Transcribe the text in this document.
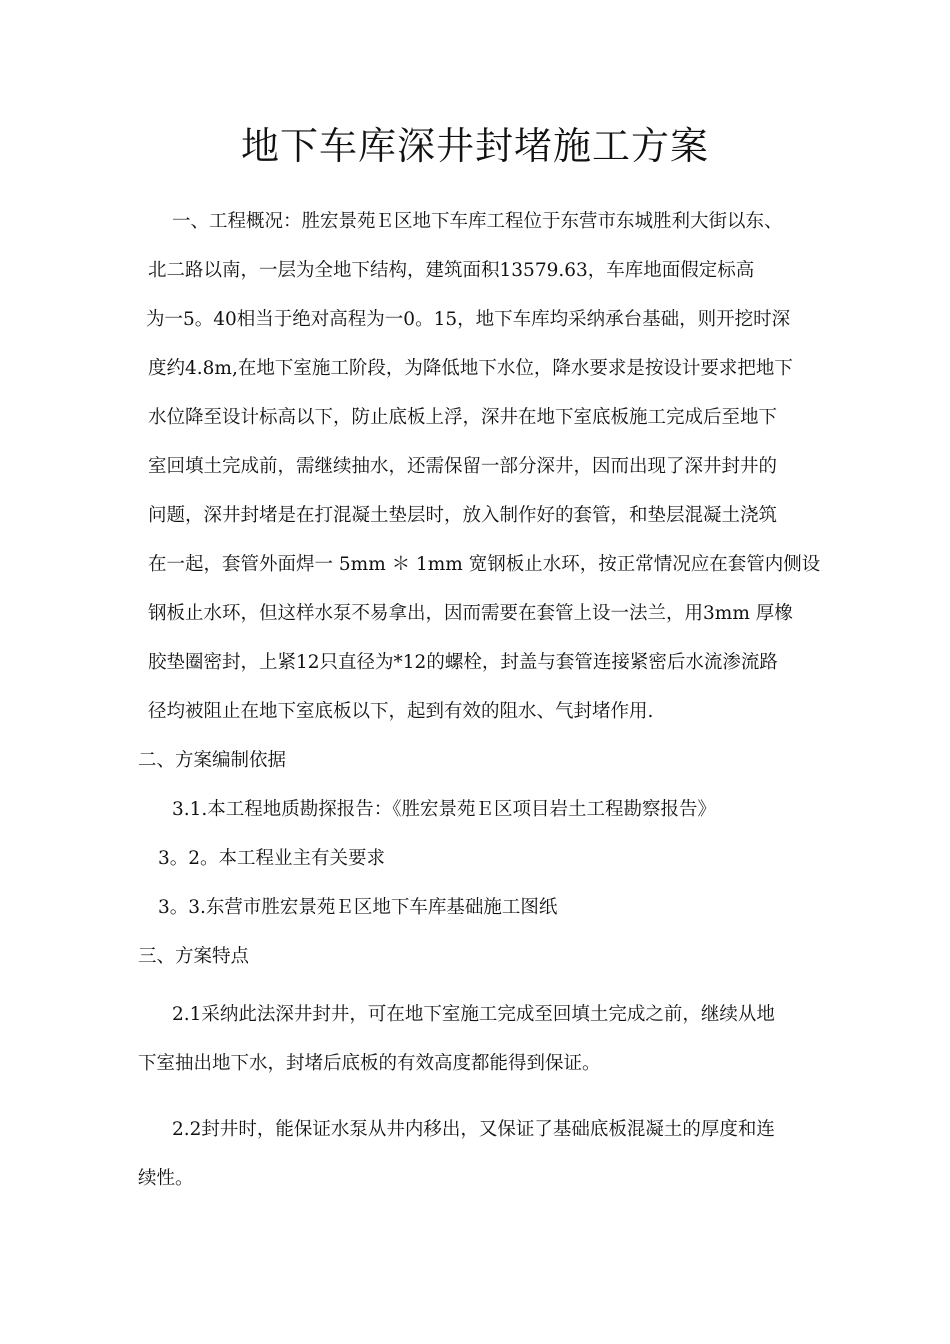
地下车库深井封堵施工方案

一、工程概况：胜宏景苑Ｅ区地下车库工程位于东营市东城胜利大街以东、

北二路以南，一层为全地下结构，建筑面积13579.63，车库地面假定标高

为一5。40相当于绝对高程为一0。15，地下车库均采纳承台基础，则开挖时深

度约4.8m,在地下室施工阶段，为降低地下水位，降水要求是按设计要求把地下

水位降至设计标高以下，防止底板上浮，深井在地下室底板施工完成后至地下

室回填土完成前，需继续抽水，还需保留一部分深井，因而出现了深井封井的

问题，深井封堵是在打混凝土垫层时，放入制作好的套管，和垫层混凝土浇筑

在一起，套管外面焊一 5mm ＊ 1mm 宽钢板止水环，按正常情况应在套管内侧设

钢板止水环，但这样水泵不易拿出，因而需要在套管上设一法兰，用3mm 厚橡

胶垫圈密封，上紧12只直径为*12的螺栓，封盖与套管连接紧密后水流渗流路

径均被阻止在地下室底板以下，起到有效的阻水、气封堵作用.

二、方案编制依据

3.1.本工程地质勘探报告：《胜宏景苑Ｅ区项目岩土工程勘察报告》

3。2。本工程业主有关要求

3。3.东营市胜宏景苑Ｅ区地下车库基础施工图纸

三、方案特点

2.1采纳此法深井封井，可在地下室施工完成至回填土完成之前，继续从地

下室抽出地下水，封堵后底板的有效高度都能得到保证。

2.2封井时，能保证水泵从井内移出，又保证了基础底板混凝土的厚度和连

续性。
